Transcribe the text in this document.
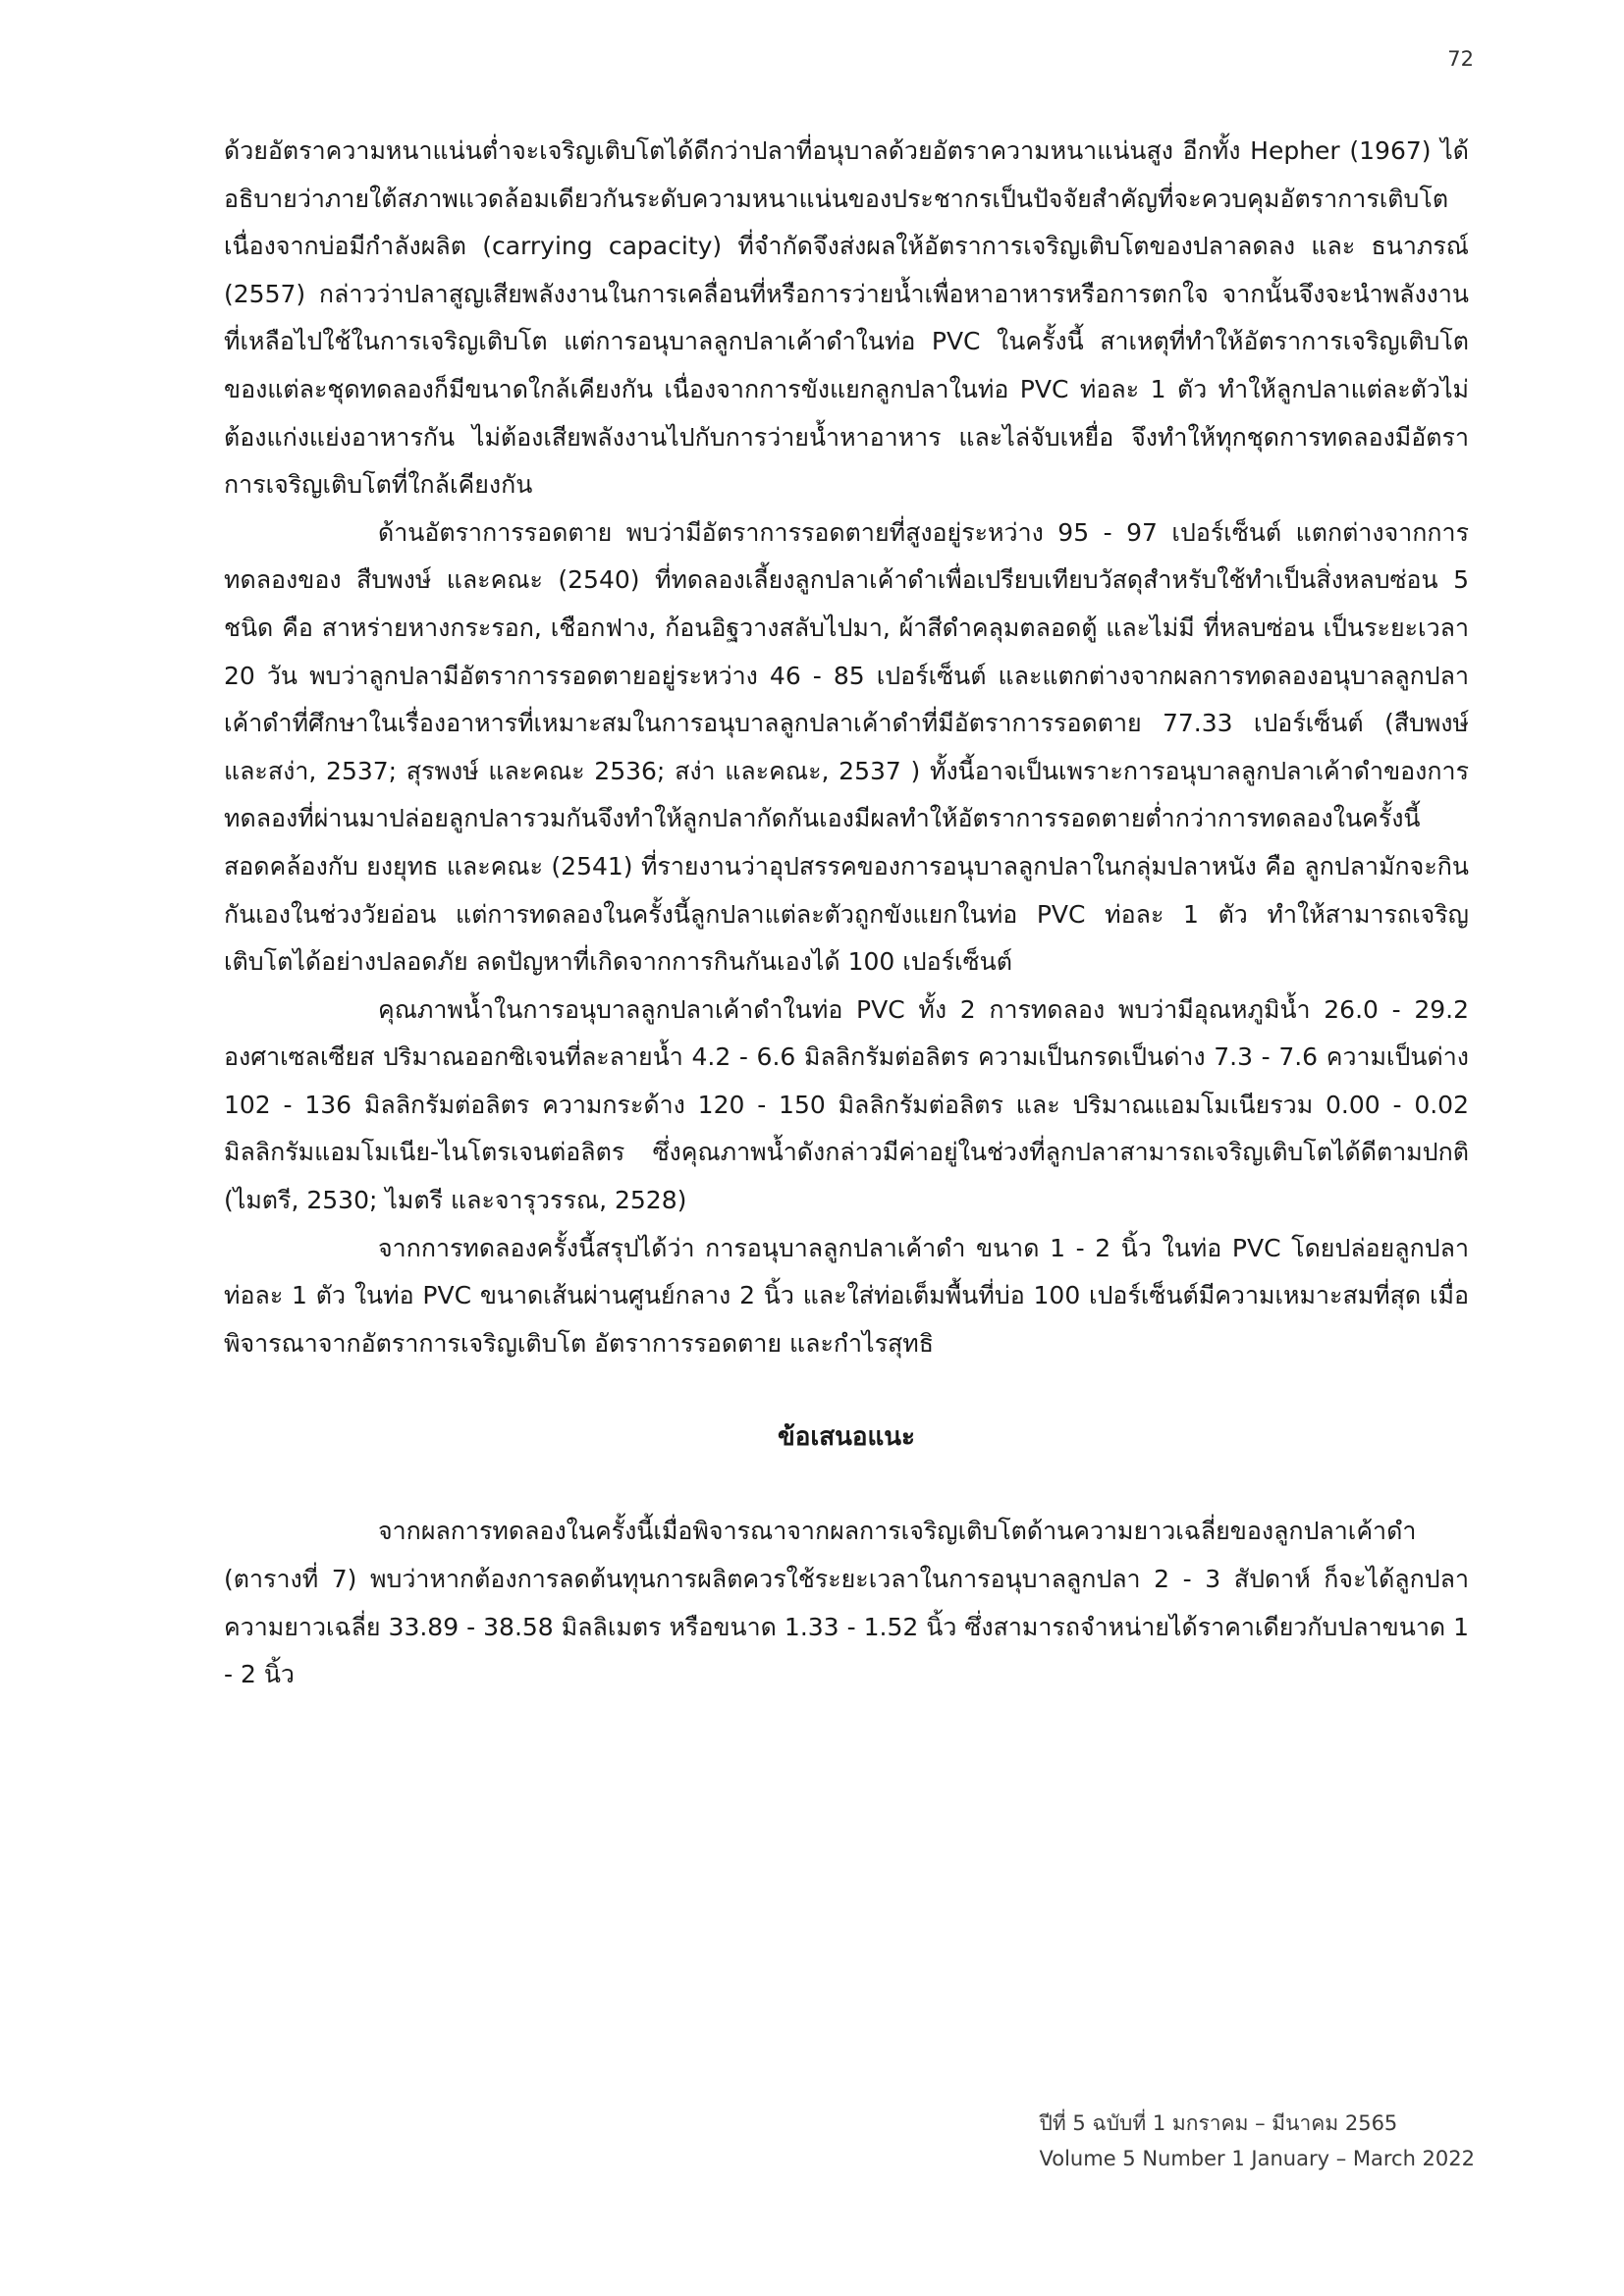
72

ด้วยอัตราความหนาแน่นต่ำจะเจริญเติบโตได้ดีกว่าปลาที่อนุบาลด้วยอัตราความหนาแน่นสูง อีกทั้ง Hepher (1967) ได้อธิบายว่าภายใต้สภาพแวดล้อมเดียวกันระดับความหนาแน่นของประชากรเป็นปัจจัยสำคัญที่จะควบคุมอัตราการเติบโต เนื่องจากบ่อมีกำลังผลิต (carrying capacity) ที่จำกัดจึงส่งผลให้อัตราการเจริญเติบโตของปลาลดลง และ ธนาภรณ์ (2557) กล่าวว่าปลาสูญเสียพลังงานในการเคลื่อนที่หรือการว่ายน้ำเพื่อหาอาหารหรือการตกใจ จากนั้นจึงจะนำพลังงานที่เหลือไปใช้ในการเจริญเติบโต แต่การอนุบาลลูกปลาเค้าดำในท่อ PVC ในครั้งนี้ สาเหตุที่ทำให้อัตราการเจริญเติบโตของแต่ละชุดทดลองก็มีขนาดใกล้เคียงกัน เนื่องจากการขังแยกลูกปลาในท่อ PVC ท่อละ 1 ตัว ทำให้ลูกปลาแต่ละตัวไม่ต้องแก่งแย่งอาหารกัน ไม่ต้องเสียพลังงานไปกับการว่ายน้ำหาอาหาร และไล่จับเหยื่อ จึงทำให้ทุกชุดการทดลองมีอัตราการเจริญเติบโตที่ใกล้เคียงกัน

ด้านอัตราการรอดตาย พบว่ามีอัตราการรอดตายที่สูงอยู่ระหว่าง 95 - 97 เปอร์เซ็นต์ แตกต่างจากการทดลองของ สืบพงษ์ และคณะ (2540) ที่ทดลองเลี้ยงลูกปลาเค้าดำเพื่อเปรียบเทียบวัสดุสำหรับใช้ทำเป็นสิ่งหลบซ่อน 5 ชนิด คือ สาหร่ายหางกระรอก, เชือกฟาง, ก้อนอิฐวางสลับไปมา, ผ้าสีดำคลุมตลอดตู้ และไม่มี ที่หลบซ่อน เป็นระยะเวลา 20 วัน พบว่าลูกปลามีอัตราการรอดตายอยู่ระหว่าง 46 - 85 เปอร์เซ็นต์ และแตกต่างจากผลการทดลองอนุบาลลูกปลาเค้าดำที่ศึกษาในเรื่องอาหารที่เหมาะสมในการอนุบาลลูกปลาเค้าดำที่มีอัตราการรอดตาย 77.33 เปอร์เซ็นต์ (สืบพงษ์ และสง่า, 2537; สุรพงษ์ และคณะ 2536; สง่า และคณะ, 2537 ) ทั้งนี้อาจเป็นเพราะการอนุบาลลูกปลาเค้าดำของการทดลองที่ผ่านมาปล่อยลูกปลารวมกันจึงทำให้ลูกปลากัดกันเองมีผลทำให้อัตราการรอดตายต่ำกว่าการทดลองในครั้งนี้ สอดคล้องกับ ยงยุทธ และคณะ (2541) ที่รายงานว่าอุปสรรคของการอนุบาลลูกปลาในกลุ่มปลาหนัง คือ ลูกปลามักจะกินกันเองในช่วงวัยอ่อน แต่การทดลองในครั้งนี้ลูกปลาแต่ละตัวถูกขังแยกในท่อ PVC ท่อละ 1 ตัว ทำให้สามารถเจริญเติบโตได้อย่างปลอดภัย ลดปัญหาที่เกิดจากการกินกันเองได้ 100 เปอร์เซ็นต์

คุณภาพน้ำในการอนุบาลลูกปลาเค้าดำในท่อ PVC ทั้ง 2 การทดลอง พบว่ามีอุณหภูมิน้ำ 26.0 - 29.2 องศาเซลเซียส ปริมาณออกซิเจนที่ละลายน้ำ 4.2 - 6.6 มิลลิกรัมต่อลิตร ความเป็นกรดเป็นด่าง 7.3 - 7.6 ความเป็นด่าง 102 - 136 มิลลิกรัมต่อลิตร ความกระด้าง 120 - 150 มิลลิกรัมต่อลิตร และ ปริมาณแอมโมเนียรวม 0.00 - 0.02 มิลลิกรัมแอมโมเนีย-ไนโตรเจนต่อลิตร ซึ่งคุณภาพน้ำดังกล่าวมีค่าอยู่ในช่วงที่ลูกปลาสามารถเจริญเติบโตได้ดีตามปกติ (ไมตรี, 2530; ไมตรี และจารุวรรณ, 2528)

จากการทดลองครั้งนี้สรุปได้ว่า การอนุบาลลูกปลาเค้าดำ ขนาด 1 - 2 นิ้ว ในท่อ PVC โดยปล่อยลูกปลาท่อละ 1 ตัว ในท่อ PVC ขนาดเส้นผ่านศูนย์กลาง 2 นิ้ว และใส่ท่อเต็มพื้นที่บ่อ 100 เปอร์เซ็นต์มีความเหมาะสมที่สุด เมื่อพิจารณาจากอัตราการเจริญเติบโต อัตราการรอดตาย และกำไรสุทธิ

ข้อเสนอแนะ

จากผลการทดลองในครั้งนี้เมื่อพิจารณาจากผลการเจริญเติบโตด้านความยาวเฉลี่ยของลูกปลาเค้าดำ (ตารางที่ 7) พบว่าหากต้องการลดต้นทุนการผลิตควรใช้ระยะเวลาในการอนุบาลลูกปลา 2 - 3 สัปดาห์ ก็จะได้ลูกปลาความยาวเฉลี่ย 33.89 - 38.58 มิลลิเมตร หรือขนาด 1.33 - 1.52 นิ้ว ซึ่งสามารถจำหน่ายได้ราคาเดียวกับปลาขนาด 1 - 2 นิ้ว

ปีที่ 5 ฉบับที่ 1 มกราคม – มีนาคม 2565
Volume 5 Number 1 January – March 2022
